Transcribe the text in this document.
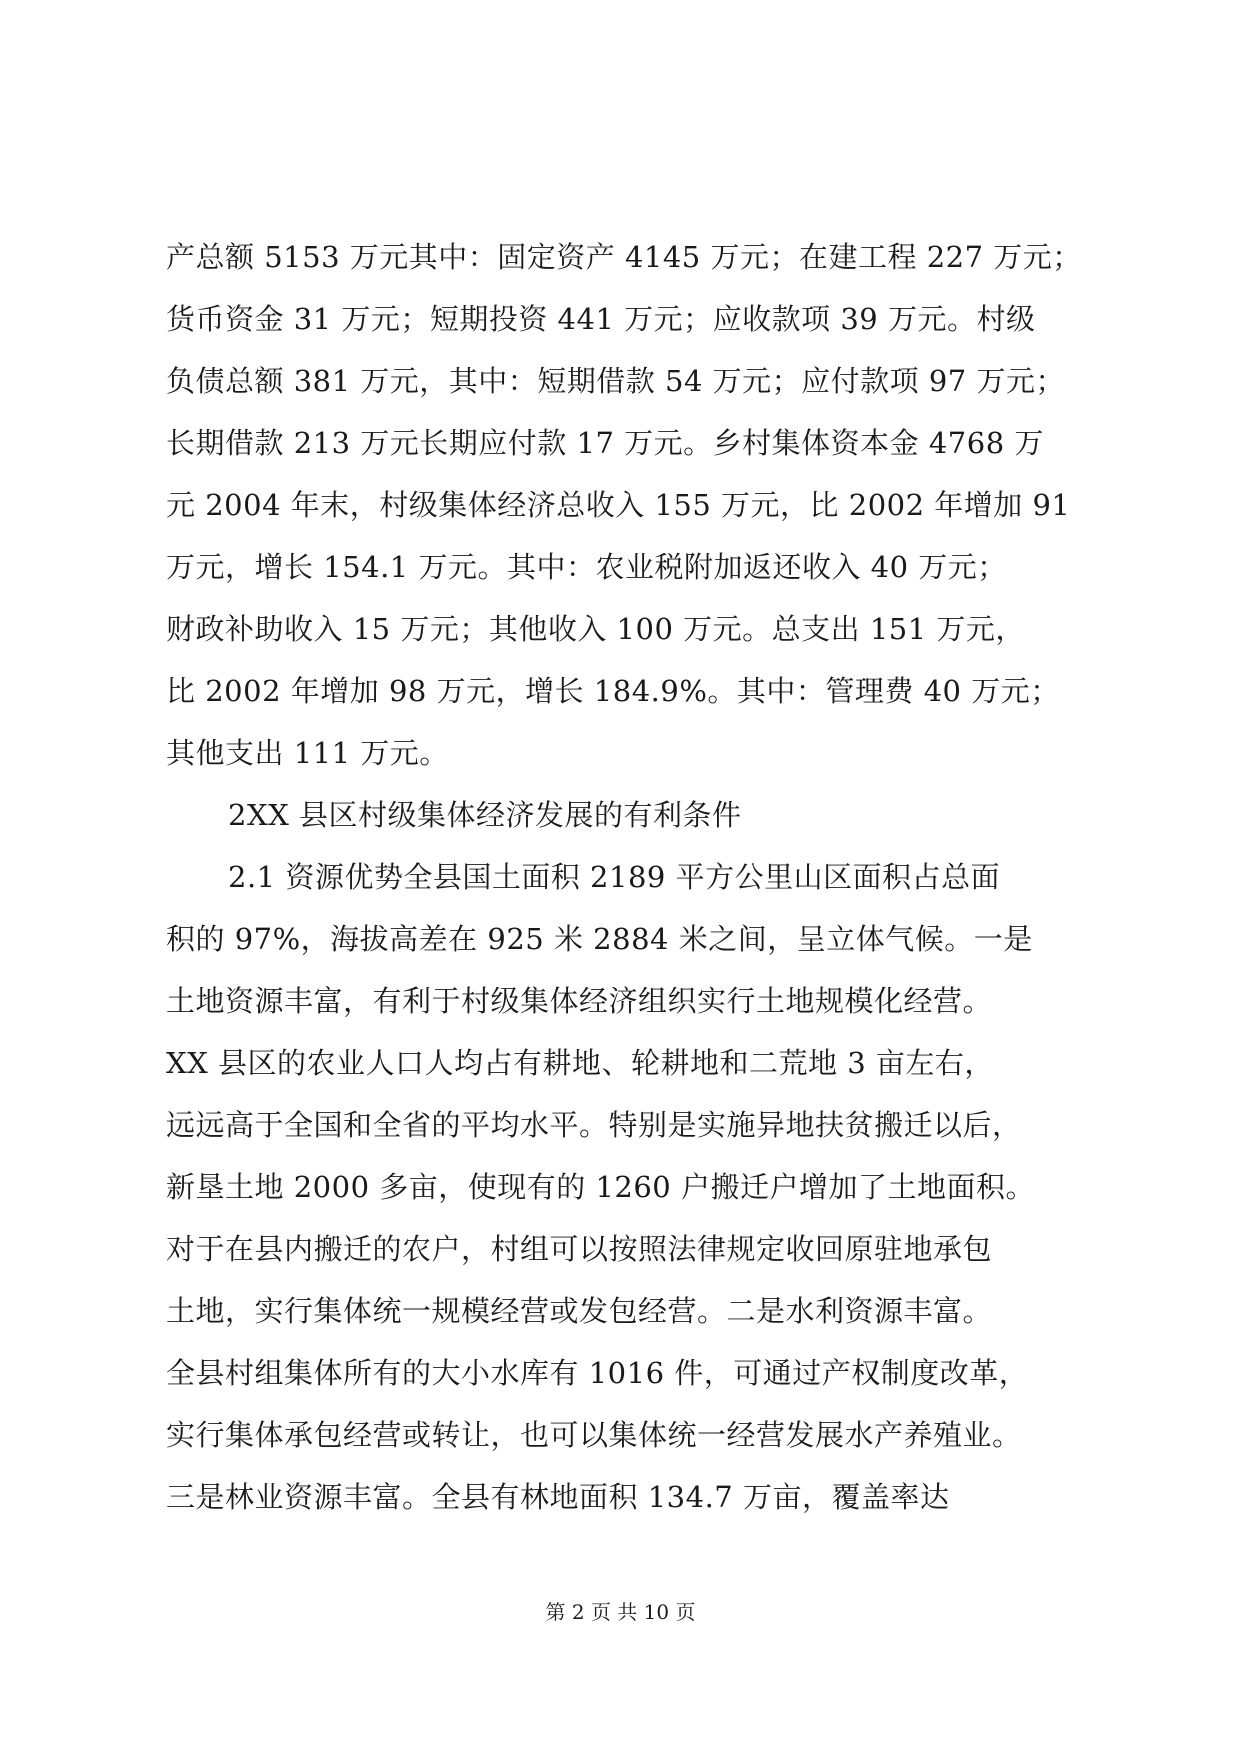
产总额 5153 万元其中：固定资产 4145 万元；在建工程 227 万元；
货币资金 31 万元；短期投资 441 万元；应收款项 39 万元。村级
负债总额 381 万元，其中：短期借款 54 万元；应付款项 97 万元；
长期借款 213 万元长期应付款 17 万元。乡村集体资本金 4768 万
元 2004 年末，村级集体经济总收入 155 万元，比 2002 年增加 91
万元，增长 154.1 万元。其中：农业税附加返还收入 40 万元；
财政补助收入 15 万元；其他收入 100 万元。总支出 151 万元，
比 2002 年增加 98 万元，增长 184.9%。其中：管理费 40 万元；
其他支出 111 万元。
2XX 县区村级集体经济发展的有利条件
2.1 资源优势全县国土面积 2189 平方公里山区面积占总面
积的 97%，海拔高差在 925 米 2884 米之间，呈立体气候。一是
土地资源丰富，有利于村级集体经济组织实行土地规模化经营。
XX 县区的农业人口人均占有耕地、轮耕地和二荒地 3 亩左右，
远远高于全国和全省的平均水平。特别是实施异地扶贫搬迁以后，
新垦土地 2000 多亩，使现有的 1260 户搬迁户增加了土地面积。
对于在县内搬迁的农户，村组可以按照法律规定收回原驻地承包
土地，实行集体统一规模经营或发包经营。二是水利资源丰富。
全县村组集体所有的大小水库有 1016 件，可通过产权制度改革，
实行集体承包经营或转让，也可以集体统一经营发展水产养殖业。
三是林业资源丰富。全县有林地面积 134.7 万亩，覆盖率达
第 2 页 共 10 页
